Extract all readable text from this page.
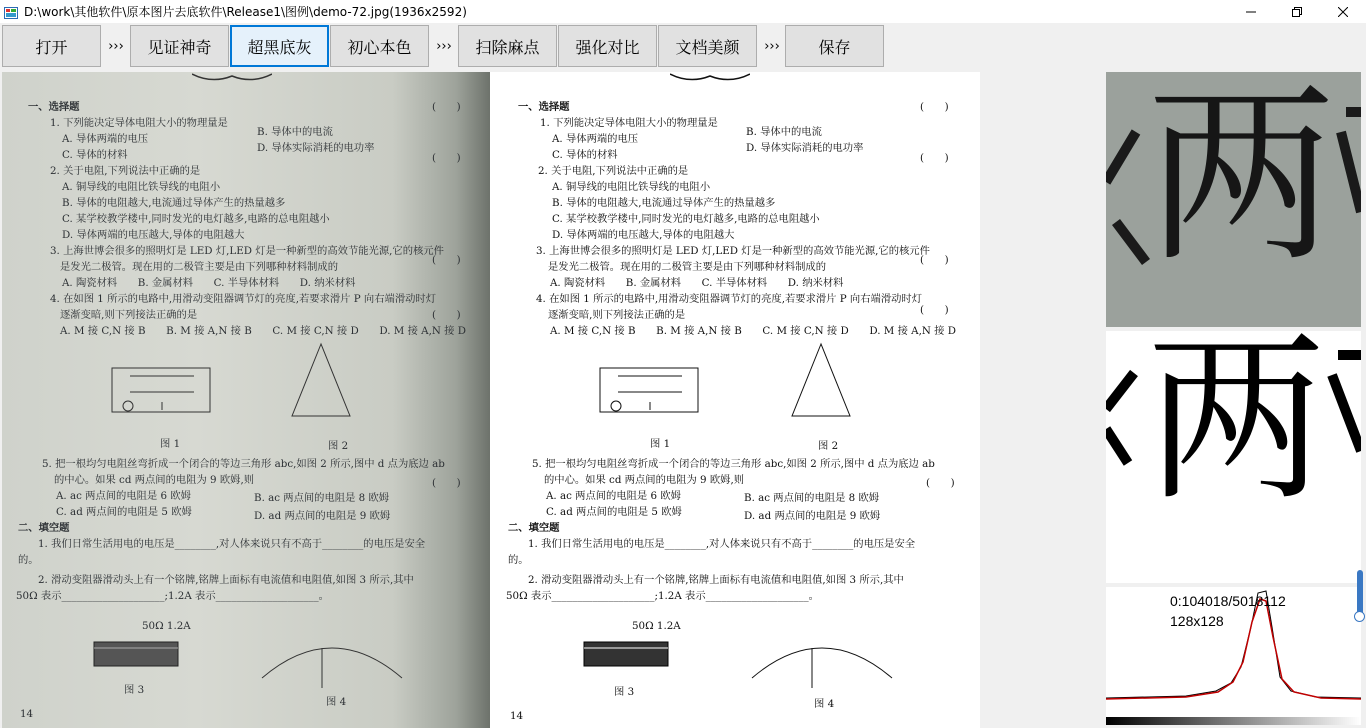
D:\work\其他软件\原本图片去底软件\Release1\图例\demo-72.jpg(1936x2592)
打开	›››	见证神奇	超黑底灰	初心本色	›››	扫除麻点	强化对比	文档美颜	›››	保存
一、选择题	(　　)
1. 下列能决定导体电阻大小的物理量是
A. 导体两端的电压
B. 导体中的电流
C. 导体的材料
D. 导体实际消耗的电功率
(　　)
2. 关于电阻,下列说法中正确的是
A. 铜导线的电阻比铁导线的电阻小
B. 导体的电阻越大,电流通过导体产生的热量越多
C. 某学校教学楼中,同时发光的电灯越多,电路的总电阻越小
D. 导体两端的电压越大,导体的电阻越大
3. 上海世博会很多的照明灯是 LED 灯,LED 灯是一种新型的高效节能光源,它的核元件
是发光二极管。现在用的二极管主要是由下列哪种材料制成的
(　　)
A. 陶瓷材料　　B. 金属材料　　C. 半导体材料　　D. 纳米材料
4. 在如图 1 所示的电路中,用滑动变阻器调节灯的亮度,若要求滑片 P 向右端滑动时灯
逐渐变暗,则下列接法正确的是	(　　)
A. M 接 C,N 接 B　　B. M 接 A,N 接 B　　C. M 接 C,N 接 D　　D. M 接 A,N 接 D
图 1	图 2
5. 把一根均匀电阻丝弯折成一个闭合的等边三角形 abc,如图 2 所示,图中 d 点为底边 ab
的中心。如果 cd 两点间的电阻为 9 欧姆,则	(　　)
A. ac 两点间的电阻是 6 欧姆	B. ac 两点间的电阻是 8 欧姆
C. ad 两点间的电阻是 5 欧姆	D. ad 两点间的电阻是 9 欧姆
二、填空题
1. 我们日常生活用电的电压是________,对人体来说只有不高于________的电压是安全
的。
2. 滑动变阻器滑动头上有一个铭牌,铭牌上面标有电流值和电阻值,如图 3 所示,其中
50Ω 表示____________________;1.2A 表示____________________。
50Ω 1.2A
图 3
图 4
14
一、选择题	(　　)
1. 下列能决定导体电阻大小的物理量是
A. 导体两端的电压
B. 导体中的电流
C. 导体的材料
D. 导体实际消耗的电功率
(　　)
2. 关于电阻,下列说法中正确的是
A. 铜导线的电阻比铁导线的电阻小
B. 导体的电阻越大,电流通过导体产生的热量越多
C. 某学校教学楼中,同时发光的电灯越多,电路的总电阻越小
D. 导体两端的电压越大,导体的电阻越大
3. 上海世博会很多的照明灯是 LED 灯,LED 灯是一种新型的高效节能光源,它的核元件
是发光二极管。现在用的二极管主要是由下列哪种材料制成的
(　　)
A. 陶瓷材料　　B. 金属材料　　C. 半导体材料　　D. 纳米材料
4. 在如图 1 所示的电路中,用滑动变阻器调节灯的亮度,若要求滑片 P 向右端滑动时灯
逐渐变暗,则下列接法正确的是	(　　)
A. M 接 C,N 接 B　　B. M 接 A,N 接 B　　C. M 接 C,N 接 D　　D. M 接 A,N 接 D
图 1	图 2
5. 把一根均匀电阻丝弯折成一个闭合的等边三角形 abc,如图 2 所示,图中 d 点为底边 ab
的中心。如果 cd 两点间的电阻为 9 欧姆,则	(　　)
A. ac 两点间的电阻是 6 欧姆	B. ac 两点间的电阻是 8 欧姆
C. ad 两点间的电阻是 5 欧姆	D. ad 两点间的电阻是 9 欧姆
二、填空题
1. 我们日常生活用电的电压是________,对人体来说只有不高于________的电压是安全
的。
2. 滑动变阻器滑动头上有一个铭牌,铭牌上面标有电流值和电阻值,如图 3 所示,其中
50Ω 表示____________________;1.2A 表示____________________。
50Ω 1.2A
图 3
图 4
14
两
两
0:104018/5018112
128x128
